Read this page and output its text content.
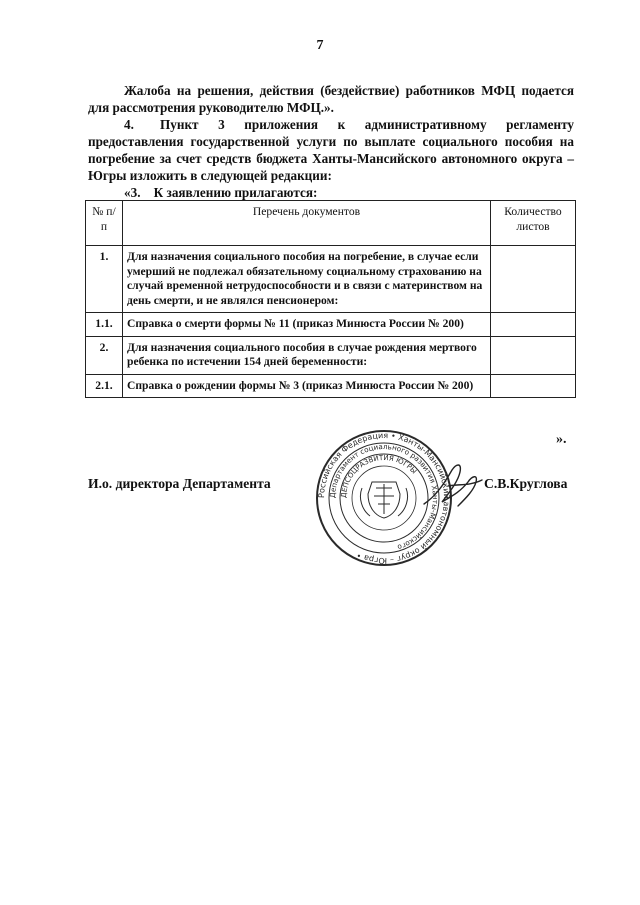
7
Жалоба на решения, действия (бездействие) работников МФЦ подается для рассмотрения руководителю МФЦ.».
4. Пункт 3 приложения к административному регламенту предоставления государственной услуги по выплате социального пособия на погребение за счет средств бюджета Ханты-Мансийского автономного округа – Югры изложить в следующей редакции:
«3.    К заявлению прилагаются:
№ п/п	Перечень документов	Количество листов
1.	Для назначения социального пособия на погребение, в случае если умерший не подлежал обязательному социальному страхованию на случай временной нетрудоспособности и в связи с материнством на день смерти, и не являлся пенсионером:	
1.1.	Справка о смерти формы № 11 (приказ Минюста России № 200)	
2.	Для назначения социального пособия в случае рождения мертвого ребенка по истечении 154 дней беременности:	
2.1.	Справка о рождении формы № 3 (приказ Минюста России № 200)	
».
И.о. директора Департамента	С.В.Круглова
Российская Федерация • Ханты-Мансийский автономный округ – Югра •
Департамент социального развития Ханты-Мансийского
ДЕПСОЦРАЗВИТИЯ ЮГРЫ
